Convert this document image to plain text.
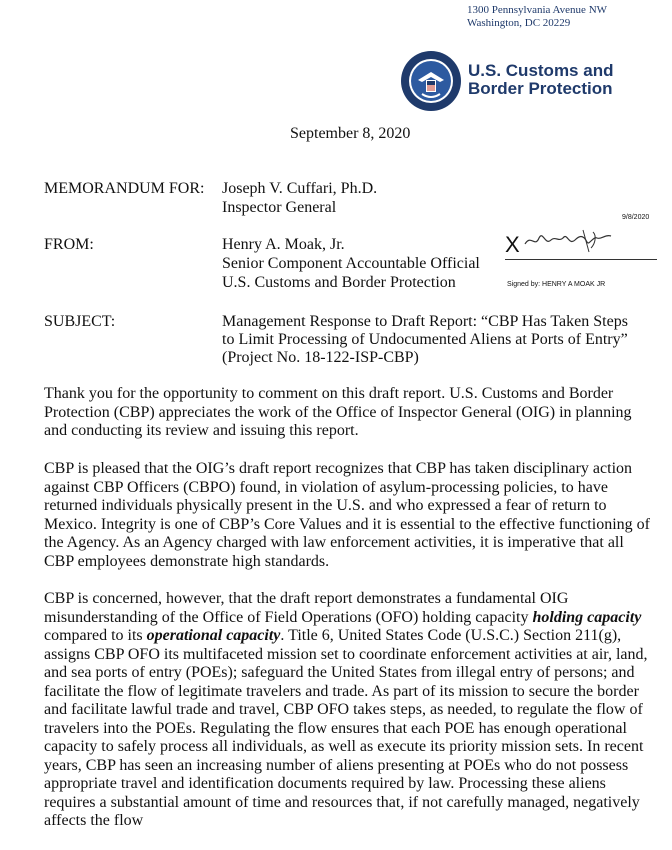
1300 Pennsylvania Avenue NW
Washington, DC 20229
U.S. Customs and
Border Protection
September 8, 2020
MEMORANDUM FOR: Joseph V. Cuffari, Ph.D.
Inspector General
FROM:	Henry A. Moak, Jr.
Senior Component Accountable Official
U.S. Customs and Border Protection
9/8/2020
X
Signed by: HENRY A MOAK JR
SUBJECT:	Management Response to Draft Report: “CBP Has Taken Steps
to Limit Processing of Undocumented Aliens at Ports of Entry”
(Project No. 18-122-ISP-CBP)

Thank you for the opportunity to comment on this draft report. U.S. Customs and Border Protection (CBP) appreciates the work of the Office of Inspector General (OIG) in planning and conducting its review and issuing this report.

CBP is pleased that the OIG’s draft report recognizes that CBP has taken disciplinary action against CBP Officers (CBPO) found, in violation of asylum-processing policies, to have returned individuals physically present in the U.S. and who expressed a fear of return to Mexico. Integrity is one of CBP’s Core Values and it is essential to the effective functioning of the Agency. As an Agency charged with law enforcement activities, it is imperative that all CBP employees demonstrate high standards.

CBP is concerned, however, that the draft report demonstrates a fundamental OIG misunderstanding of the Office of Field Operations (OFO) holding capacity holding capacity compared to its operational capacity. Title 6, United States Code (U.S.C.) Section 211(g), assigns CBP OFO its multifaceted mission set to coordinate enforcement activities at air, land, and sea ports of entry (POEs); safeguard the United States from illegal entry of persons; and facilitate the flow of legitimate travelers and trade. As part of its mission to secure the border and facilitate lawful trade and travel, CBP OFO takes steps, as needed, to regulate the flow of travelers into the POEs. Regulating the flow ensures that each POE has enough operational capacity to safely process all individuals, as well as execute its priority mission sets. In recent years, CBP has seen an increasing number of aliens presenting at POEs who do not possess appropriate travel and identification documents required by law. Processing these aliens requires a substantial amount of time and resources that, if not carefully managed, negatively affects the flow
